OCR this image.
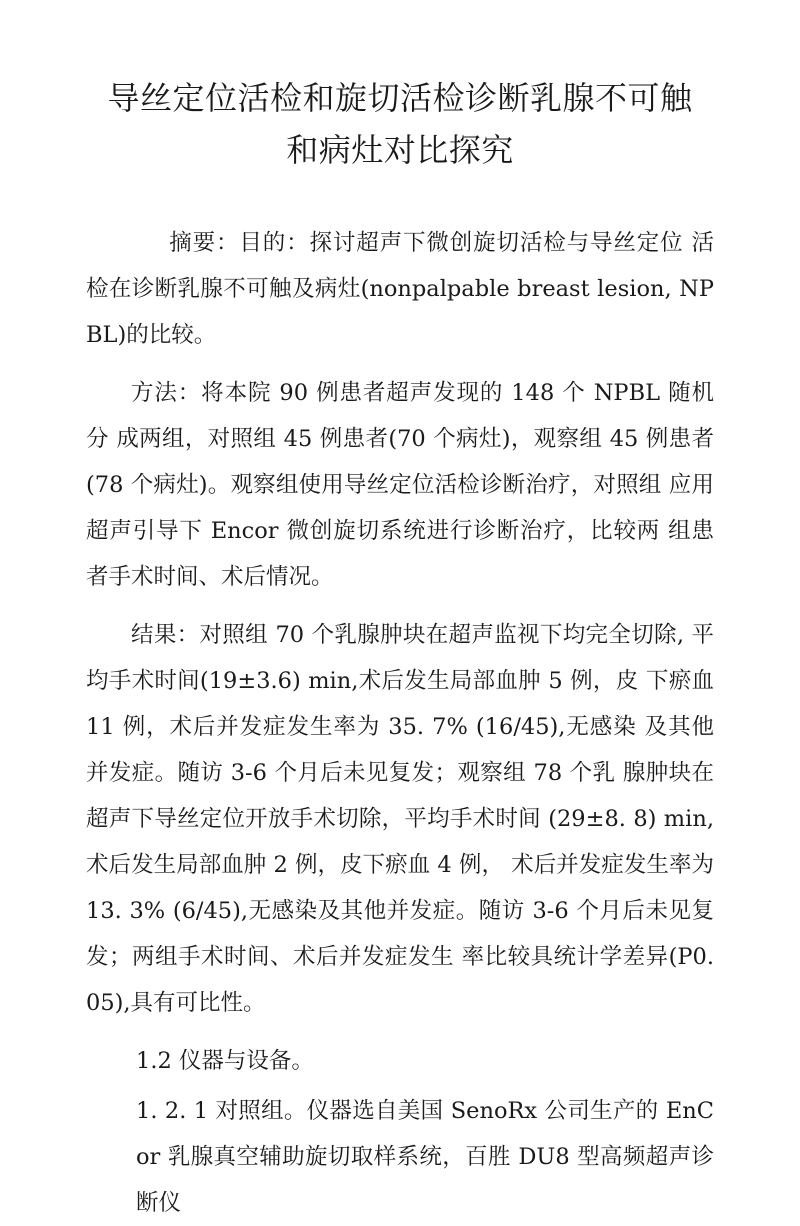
导丝定位活检和旋切活检诊断乳腺不可触
和病灶对比探究

摘要：目的：探讨超声下微创旋切活检与导丝定位 活检在诊断乳腺不可触及病灶(nonpalpable breast lesion, NPBL)的比较。

方法：将本院 90 例患者超声发现的 148 个 NPBL 随机分 成两组，对照组 45 例患者(70 个病灶)，观察组 45 例患者 (78 个病灶)。观察组使用导丝定位活检诊断治疗，对照组 应用超声引导下 Encor 微创旋切系统进行诊断治疗，比较两 组患者手术时间、术后情况。

结果：对照组 70 个乳腺肿块在超声监视下均完全切除, 平均手术时间(19±3.6) min,术后发生局部血肿 5 例，皮 下瘀血 11 例，术后并发症发生率为 35. 7% (16/45),无感染 及其他并发症。随访 3-6 个月后未见复发；观察组 78 个乳 腺肿块在超声下导丝定位开放手术切除，平均手术时间 (29±8. 8) min,术后发生局部血肿 2 例，皮下瘀血 4 例， 术后并发症发生率为 13. 3% (6/45),无感染及其他并发症。随访 3-6 个月后未见复发；两组手术时间、术后并发症发生 率比较具统计学差异(P0. 05),具有可比性。

1.2 仪器与设备。

1. 2. 1 对照组。仪器选自美国 SenoRx 公司生产的 EnCor 乳腺真空辅助旋切取样系统，百胜 DU8 型高频超声诊断仪
